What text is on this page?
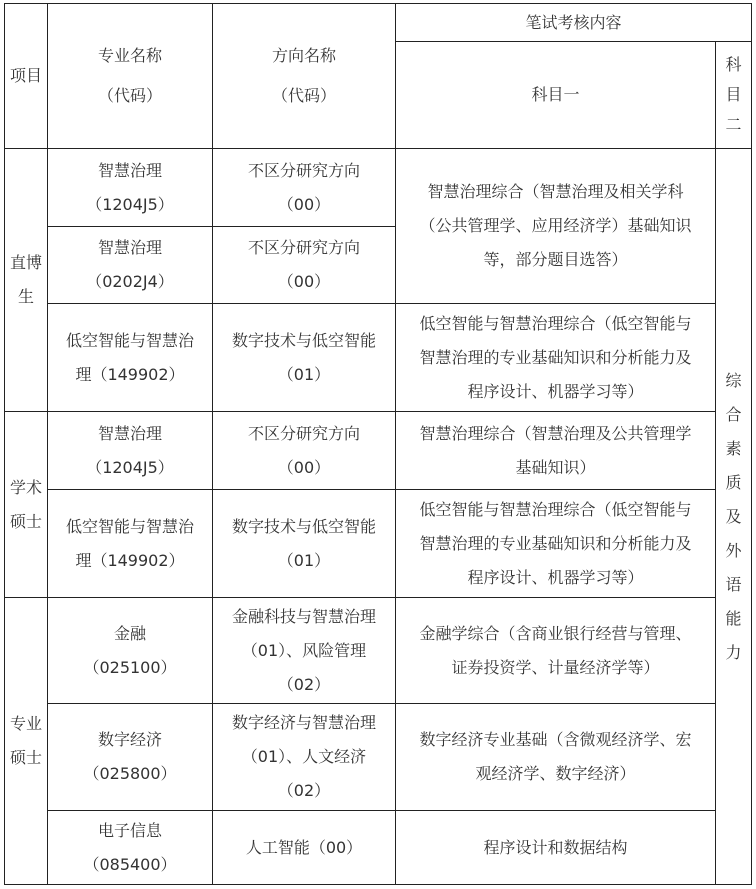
项目
专业名称
（代码）
方向名称
（代码）
笔试考核内容
科目一
科
目
二
直博
生
学术
硕士
专业
硕士
智慧治理
（1204J5）
不区分研究方向
（00）
智慧治理
（0202J4）
不区分研究方向
（00）
智慧治理综合（智慧治理及相关学科
（公共管理学、应用经济学）基础知识
等，部分题目选答）
低空智能与智慧治
理（149902）
数字技术与低空智能
（01）
低空智能与智慧治理综合（低空智能与
智慧治理的专业基础知识和分析能力及
程序设计、机器学习等）
智慧治理
（1204J5）
不区分研究方向
（00）
智慧治理综合（智慧治理及公共管理学
基础知识）
低空智能与智慧治
理（149902）
数字技术与低空智能
（01）
低空智能与智慧治理综合（低空智能与
智慧治理的专业基础知识和分析能力及
程序设计、机器学习等）
金融
（025100）
金融科技与智慧治理
（01）、风险管理
（02）
金融学综合（含商业银行经营与管理、
证券投资学、计量经济学等）
数字经济
（025800）
数字经济与智慧治理
（01）、人文经济
（02）
数字经济专业基础（含微观经济学、宏
观经济学、数字经济）
电子信息
（085400）
人工智能（00）	程序设计和数据结构
综
合
素
质
及
外
语
能
力
